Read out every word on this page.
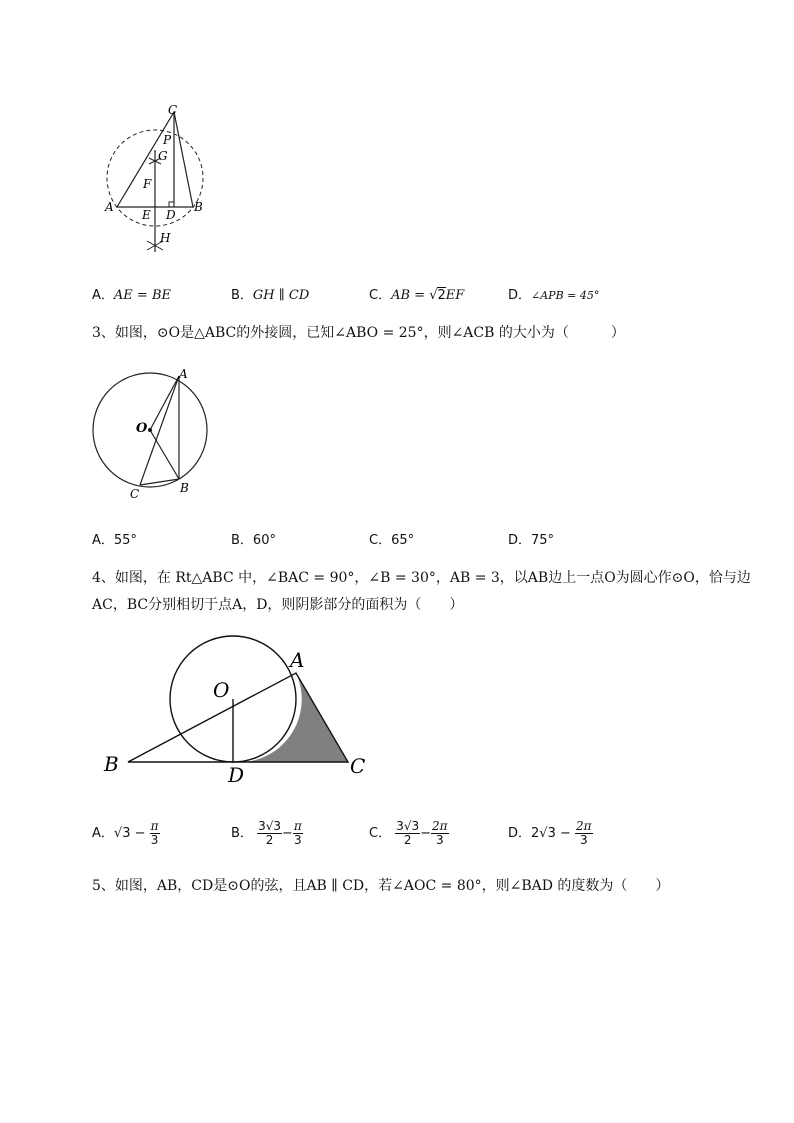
C
P
G
F
A
E D
B
H
A．AE = BE	B．GH ∥ CD	C．AB = √2EF	D．∠APB = 45°
3、如图，⊙O是△ABC的外接圆，已知∠ABO = 25°，则∠ACB 的大小为（　　　）
A
O
C	B
A．55°	B．60°	C．65°	D．75°
4、如图，在 Rt△ABC 中，∠BAC = 90°，∠B = 30°，AB = 3，以AB边上一点O为圆心作⊙O，恰与边
AC，BC分别相切于点A，D，则阴影部分的面积为（　　）
A
O
B	D	C
A．$√3 - \frac{\pi}{3}$	B． $\frac{3√3}{2} - \frac{\pi}{3}$	C． $\frac{3√3}{2} - \frac{2\pi}{3}$	D．$2√3 - \frac{2\pi}{3}$
5、如图，AB，CD是⊙O的弦，且AB ∥ CD，若∠AOC = 80°，则∠BAD 的度数为（　　）
